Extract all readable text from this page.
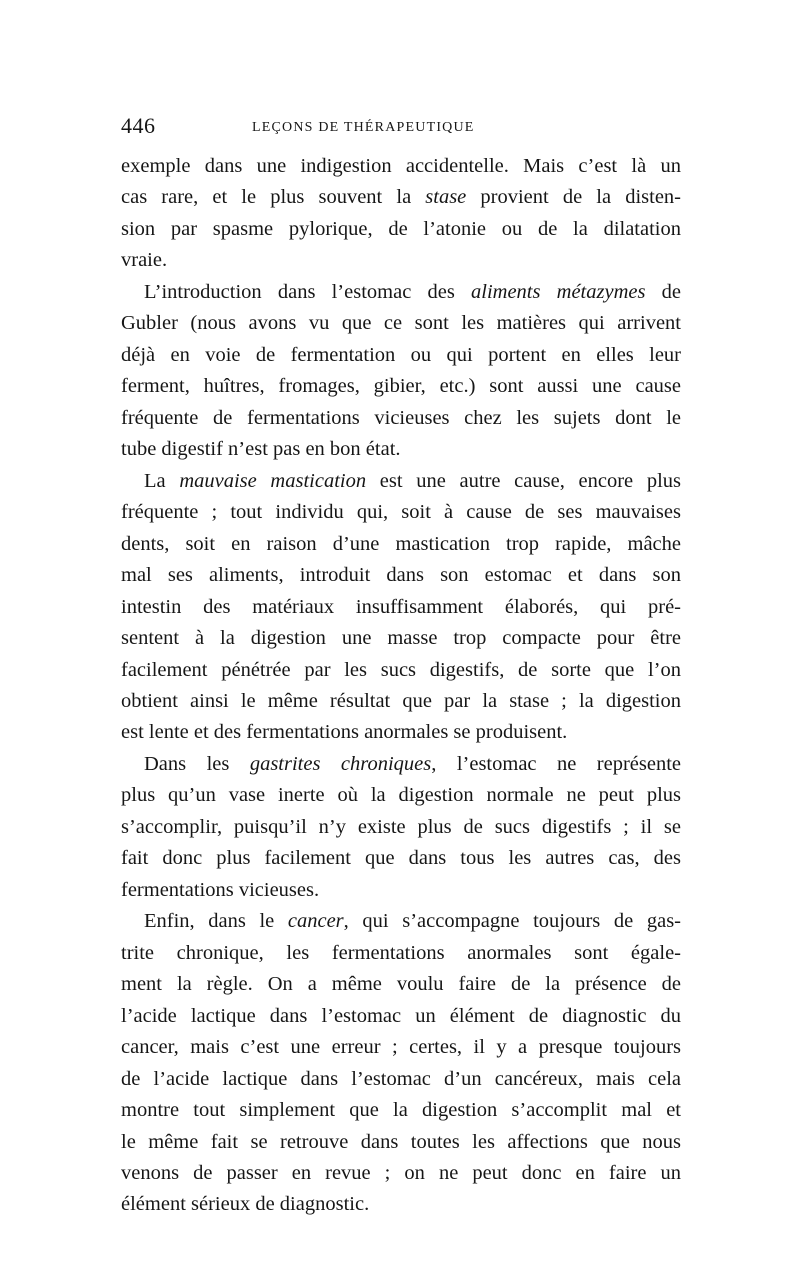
446	LEÇONS DE THÉRAPEUTIQUE
exemple dans une indigestion accidentelle. Mais c’est là un
cas rare, et le plus souvent la stase provient de la disten-
sion par spasme pylorique, de l’atonie ou de la dilatation
vraie.
L’introduction dans l’estomac des aliments métazymes de
Gubler (nous avons vu que ce sont les matières qui arrivent
déjà en voie de fermentation ou qui portent en elles leur
ferment, huîtres, fromages, gibier, etc.) sont aussi une cause
fréquente de fermentations vicieuses chez les sujets dont le
tube digestif n’est pas en bon état.
La mauvaise mastication est une autre cause, encore plus
fréquente ; tout individu qui, soit à cause de ses mauvaises
dents, soit en raison d’une mastication trop rapide, mâche
mal ses aliments, introduit dans son estomac et dans son
intestin des matériaux insuffisamment élaborés, qui pré-
sentent à la digestion une masse trop compacte pour être
facilement pénétrée par les sucs digestifs, de sorte que l’on
obtient ainsi le même résultat que par la stase ; la digestion
est lente et des fermentations anormales se produisent.
Dans les gastrites chroniques, l’estomac ne représente
plus qu’un vase inerte où la digestion normale ne peut plus
s’accomplir, puisqu’il n’y existe plus de sucs digestifs ; il se
fait donc plus facilement que dans tous les autres cas, des
fermentations vicieuses.
Enfin, dans le cancer, qui s’accompagne toujours de gas-
trite chronique, les fermentations anormales sont égale-
ment la règle. On a même voulu faire de la présence de
l’acide lactique dans l’estomac un élément de diagnostic du
cancer, mais c’est une erreur ; certes, il y a presque toujours
de l’acide lactique dans l’estomac d’un cancéreux, mais cela
montre tout simplement que la digestion s’accomplit mal et
le même fait se retrouve dans toutes les affections que nous
venons de passer en revue ; on ne peut donc en faire un
élément sérieux de diagnostic.
